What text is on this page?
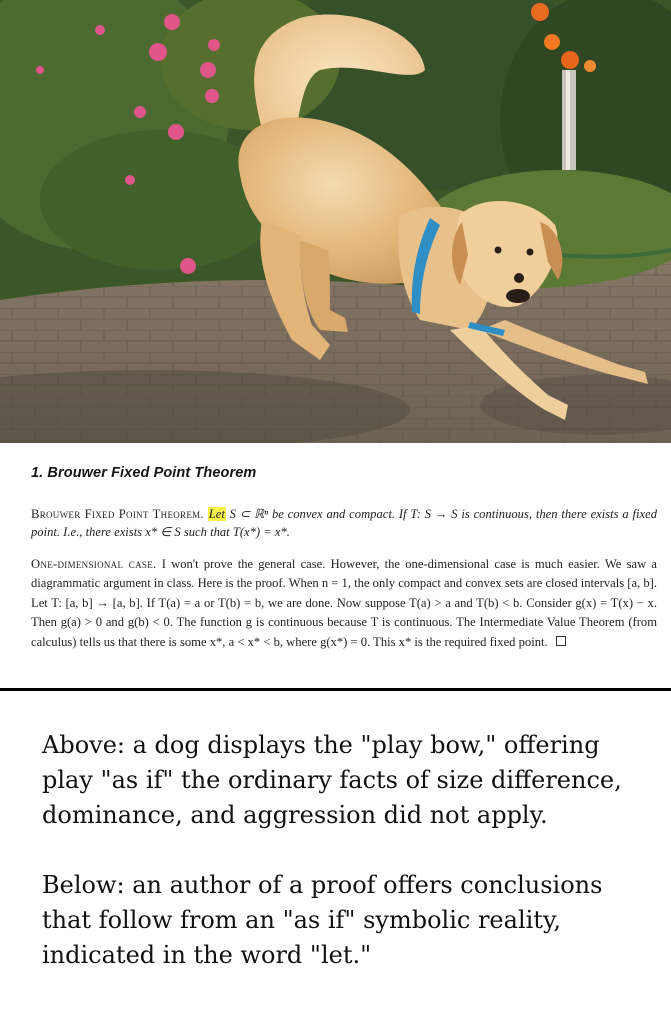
1. Brouwer Fixed Point Theorem
Brouwer Fixed Point Theorem. Let S ⊂ ℝⁿ be convex and compact. If T: S → S is continuous, then there exists a fixed point. I.e., there exists x* ∈ S such that T(x*) = x*.
One-dimensional case. I won't prove the general case. However, the one-dimensional case is much easier. We saw a diagrammatic argument in class. Here is the proof. When n = 1, the only compact and convex sets are closed intervals [a, b]. Let T: [a, b] → [a, b]. If T(a) = a or T(b) = b, we are done. Now suppose T(a) > a and T(b) < b. Consider g(x) = T(x) − x. Then g(a) > 0 and g(b) < 0. The function g is continuous because T is continuous. The Intermediate Value Theorem (from calculus) tells us that there is some x*, a < x* < b, where g(x*) = 0. This x* is the required fixed point.

Above: a dog displays the "play bow," offering play "as if" the ordinary facts of size difference, dominance, and aggression did not apply.

Below: an author of a proof offers conclusions that follow from an "as if" symbolic reality, indicated in the word "let."
